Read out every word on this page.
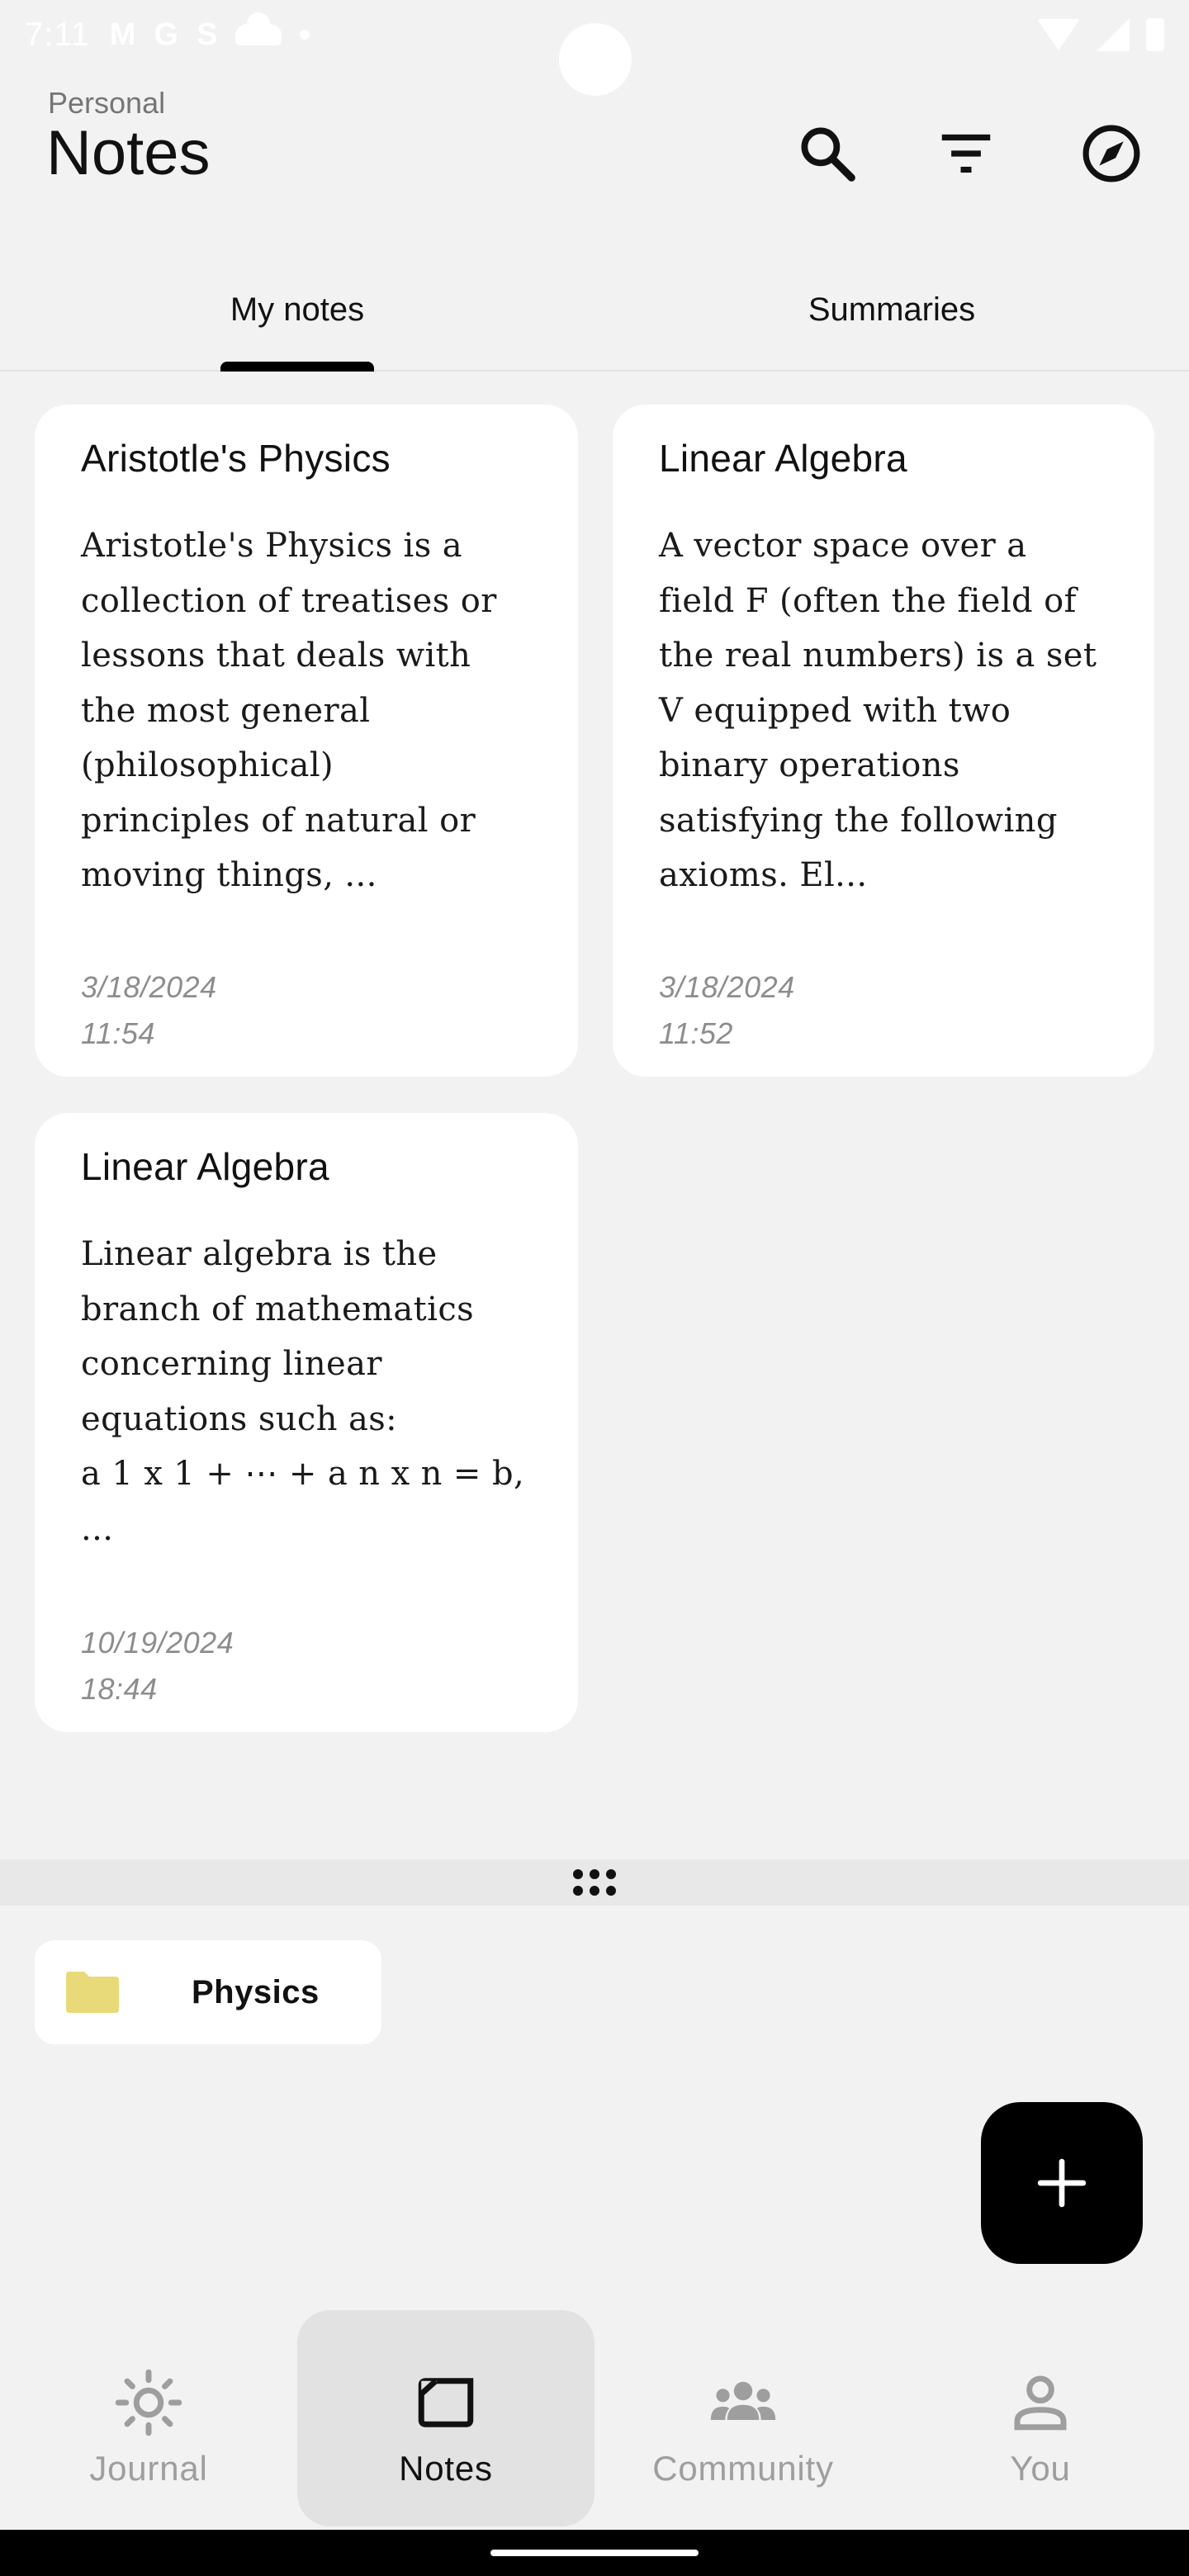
7:11 M G S
Personal
Notes
My notes	Summaries
Aristotle's Physics
Aristotle's Physics is a
collection of treatises or
lessons that deals with
the most general
(philosophical)
principles of natural or
moving things, ...
3/18/2024
11:54
Linear Algebra
A vector space over a
field F (often the field of
the real numbers) is a set
V equipped with two
binary operations
satisfying the following
axioms. El...
3/18/2024
11:52
Linear Algebra
Linear algebra is the
branch of mathematics
concerning linear
equations such as:
a 1 x 1 + ⋯ + a n x n = b,
...
10/19/2024
18:44
Physics
Journal	Notes	Community	You
